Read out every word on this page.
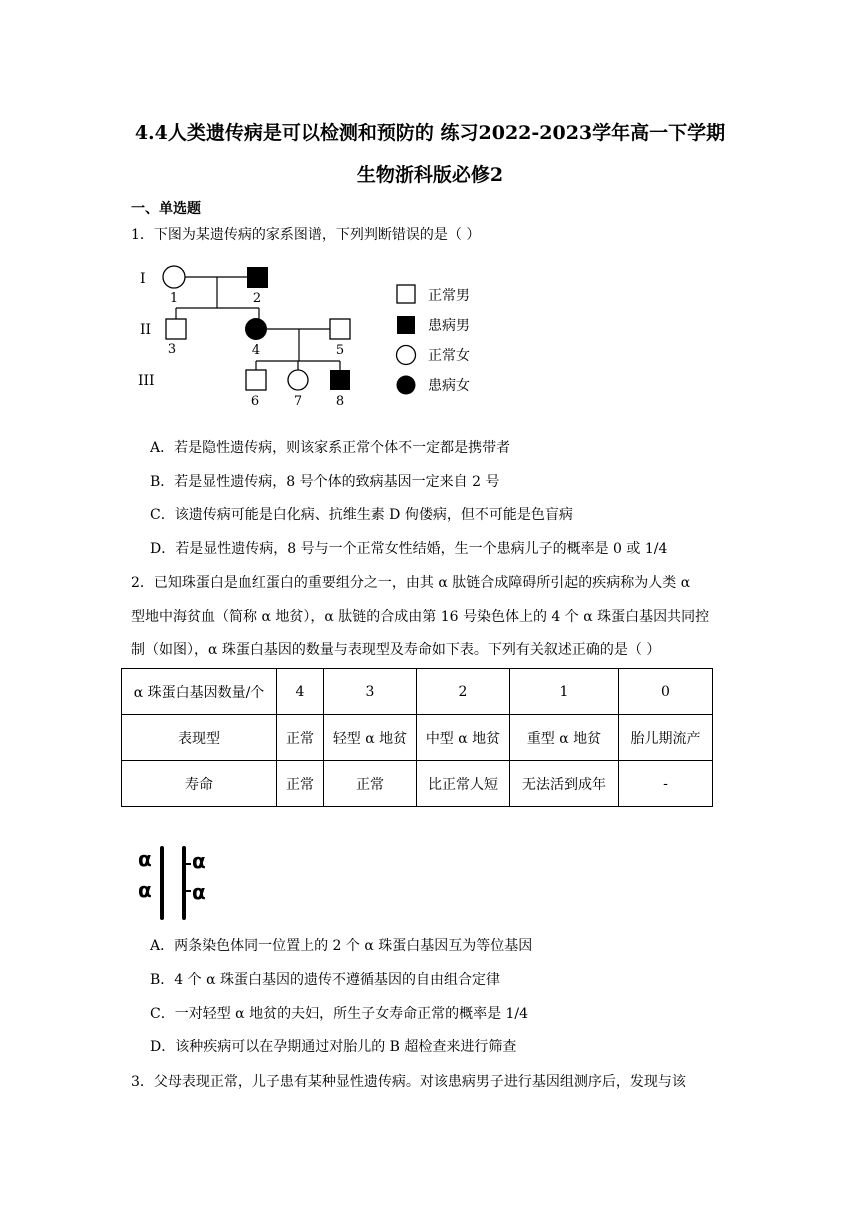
4.4人类遗传病是可以检测和预防的 练习2022-2023学年高一下学期
生物浙科版必修2
一、单选题
1．下图为某遗传病的家系图谱，下列判断错误的是（ ）
I
II
III
1	2
3	4	5
6	7	8
正常男
患病男
正常女
患病女
A．若是隐性遗传病，则该家系正常个体不一定都是携带者
B．若是显性遗传病，8 号个体的致病基因一定来自 2 号
C．该遗传病可能是白化病、抗维生素 D 佝偻病，但不可能是色盲病
D．若是显性遗传病，8 号与一个正常女性结婚，生一个患病儿子的概率是 0 或 1/4
2．已知珠蛋白是血红蛋白的重要组分之一，由其 α 肽链合成障碍所引起的疾病称为人类 α
型地中海贫血（简称 α 地贫），α 肽链的合成由第 16 号染色体上的 4 个 α 珠蛋白基因共同控
制（如图），α 珠蛋白基因的数量与表现型及寿命如下表。下列有关叙述正确的是（ ）
α 珠蛋白基因数量/个	4	3	2	1	0
表现型	正常	轻型 α 地贫	中型 α 地贫	重型 α 地贫	胎儿期流产
寿命	正常	正常	比正常人短	无法活到成年	-
α
α
α
α
A．两条染色体同一位置上的 2 个 α 珠蛋白基因互为等位基因
B．4 个 α 珠蛋白基因的遗传不遵循基因的自由组合定律
C．一对轻型 α 地贫的夫妇，所生子女寿命正常的概率是 1/4
D．该种疾病可以在孕期通过对胎儿的 B 超检查来进行筛查
3．父母表现正常，儿子患有某种显性遗传病。对该患病男子进行基因组测序后，发现与该
